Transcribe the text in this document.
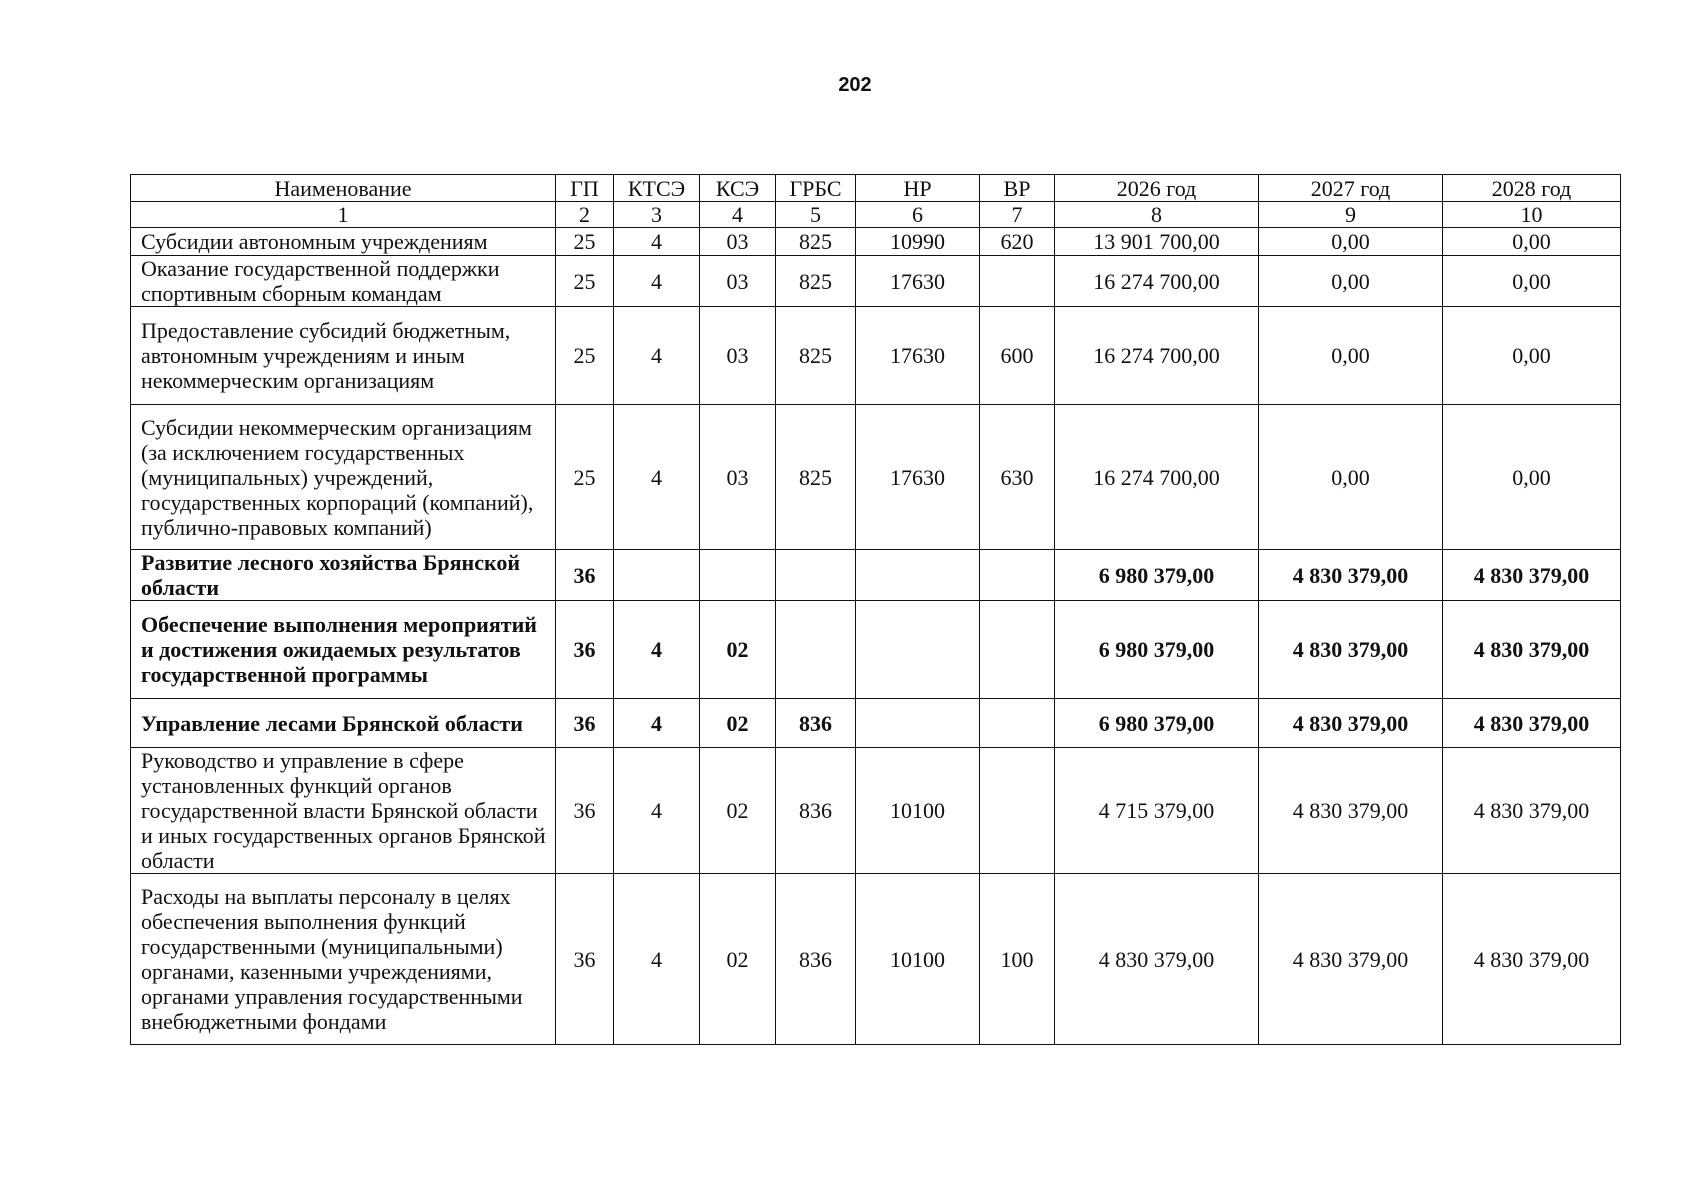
202
Наименование	ГП	КТСЭ	КСЭ	ГРБС	НР	ВР	2026 год	2027 год	2028 год
1	2	3	4	5	6	7	8	9	10
Субсидии автономным учреждениям	25	4	03	825	10990	620	13 901 700,00	0,00	0,00
Оказание государственной поддержки спортивным сборным командам	25	4	03	825	17630		16 274 700,00	0,00	0,00
Предоставление субсидий бюджетным, автономным учреждениям и иным некоммерческим организациям	25	4	03	825	17630	600	16 274 700,00	0,00	0,00
Субсидии некоммерческим организациям (за исключением государственных (муниципальных) учреждений, государственных корпораций (компаний), публично-правовых компаний)	25	4	03	825	17630	630	16 274 700,00	0,00	0,00
Развитие лесного хозяйства Брянской области	36						6 980 379,00	4 830 379,00	4 830 379,00
Обеспечение выполнения мероприятий и достижения ожидаемых результатов государственной программы	36	4	02				6 980 379,00	4 830 379,00	4 830 379,00
Управление лесами Брянской области	36	4	02	836			6 980 379,00	4 830 379,00	4 830 379,00
Руководство и управление в сфере установленных функций органов государственной власти Брянской области и иных государственных органов Брянской области	36	4	02	836	10100		4 715 379,00	4 830 379,00	4 830 379,00
Расходы на выплаты персоналу в целях обеспечения выполнения функций государственными (муниципальными) органами, казенными учреждениями, органами управления государственными внебюджетными фондами	36	4	02	836	10100	100	4 830 379,00	4 830 379,00	4 830 379,00
